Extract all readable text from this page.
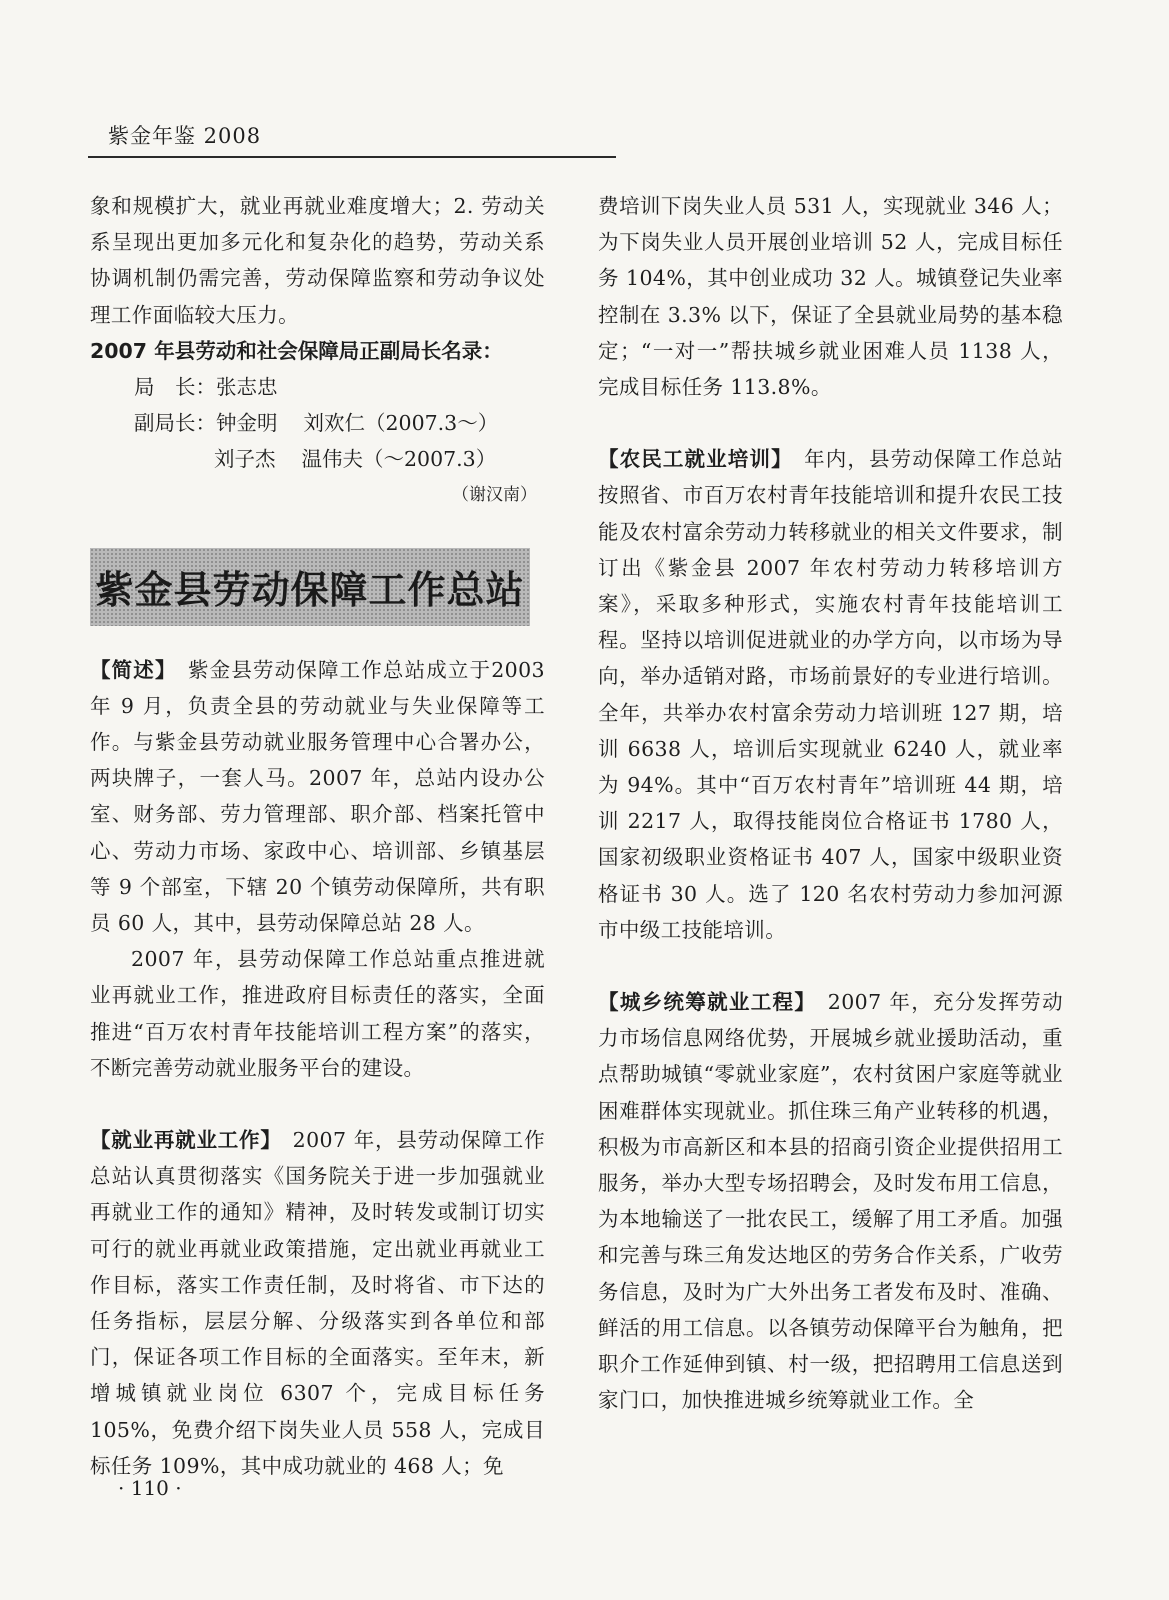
紫金年鉴 2008

象和规模扩大，就业再就业难度增大；2. 劳动关系呈现出更加多元化和复杂化的趋势，劳动关系协调机制仍需完善，劳动保障监察和劳动争议处理工作面临较大压力。

2007 年县劳动和社会保障局正副局长名录：
局　长：张志忠
副局长：钟金明 刘欢仁（2007.3～）
刘子杰 温伟夫（～2007.3）
（谢汉南）
紫金县劳动保障工作总站

【简述】　 紫金县劳动保障工作总站成立于2003 年 9 月，负责全县的劳动就业与失业保障等工作。与紫金县劳动就业服务管理中心合署办公，两块牌子，一套人马。2007 年，总站内设办公室、财务部、劳力管理部、职介部、档案托管中心、劳动力市场、家政中心、培训部、乡镇基层等 9 个部室，下辖 20 个镇劳动保障所，共有职员 60 人，其中，县劳动保障总站 28 人。

2007 年，县劳动保障工作总站重点推进就业再就业工作，推进政府目标责任的落实，全面推进“百万农村青年技能培训工程方案”的落实，不断完善劳动就业服务平台的建设。

【就业再就业工作】　 2007 年，县劳动保障工作总站认真贯彻落实《国务院关于进一步加强就业再就业工作的通知》精神，及时转发或制订切实可行的就业再就业政策措施，定出就业再就业工作目标，落实工作责任制，及时将省、市下达的任务指标，层层分解、分级落实到各单位和部门，保证各项工作目标的全面落实。至年末，新增城镇就业岗位 6307 个，完成目标任务 105%，免费介绍下岗失业人员 558 人，完成目标任务 109%，其中成功就业的 468 人；免

费培训下岗失业人员 531 人，实现就业 346 人；为下岗失业人员开展创业培训 52 人，完成目标任务 104%，其中创业成功 32 人。城镇登记失业率控制在 3.3% 以下，保证了全县就业局势的基本稳定；“一对一”帮扶城乡就业困难人员 1138 人，完成目标任务 113.8%。

【农民工就业培训】　 年内，县劳动保障工作总站按照省、市百万农村青年技能培训和提升农民工技能及农村富余劳动力转移就业的相关文件要求，制订出《紫金县 2007 年农村劳动力转移培训方案》，采取多种形式，实施农村青年技能培训工程。坚持以培训促进就业的办学方向，以市场为导向，举办适销对路，市场前景好的专业进行培训。全年，共举办农村富余劳动力培训班 127 期，培训 6638 人，培训后实现就业 6240 人，就业率为 94%。其中“百万农村青年”培训班 44 期，培训 2217 人，取得技能岗位合格证书 1780 人，国家初级职业资格证书 407 人，国家中级职业资格证书 30 人。选了 120 名农村劳动力参加河源市中级工技能培训。

【城乡统筹就业工程】　 2007 年，充分发挥劳动力市场信息网络优势，开展城乡就业援助活动，重点帮助城镇“零就业家庭”，农村贫困户家庭等就业困难群体实现就业。抓住珠三角产业转移的机遇，积极为市高新区和本县的招商引资企业提供招用工服务，举办大型专场招聘会，及时发布用工信息，为本地输送了一批农民工，缓解了用工矛盾。加强和完善与珠三角发达地区的劳务合作关系，广收劳务信息，及时为广大外出务工者发布及时、准确、鲜活的用工信息。以各镇劳动保障平台为触角，把职介工作延伸到镇、村一级，把招聘用工信息送到家门口，加快推进城乡统筹就业工作。全

· 110 ·
